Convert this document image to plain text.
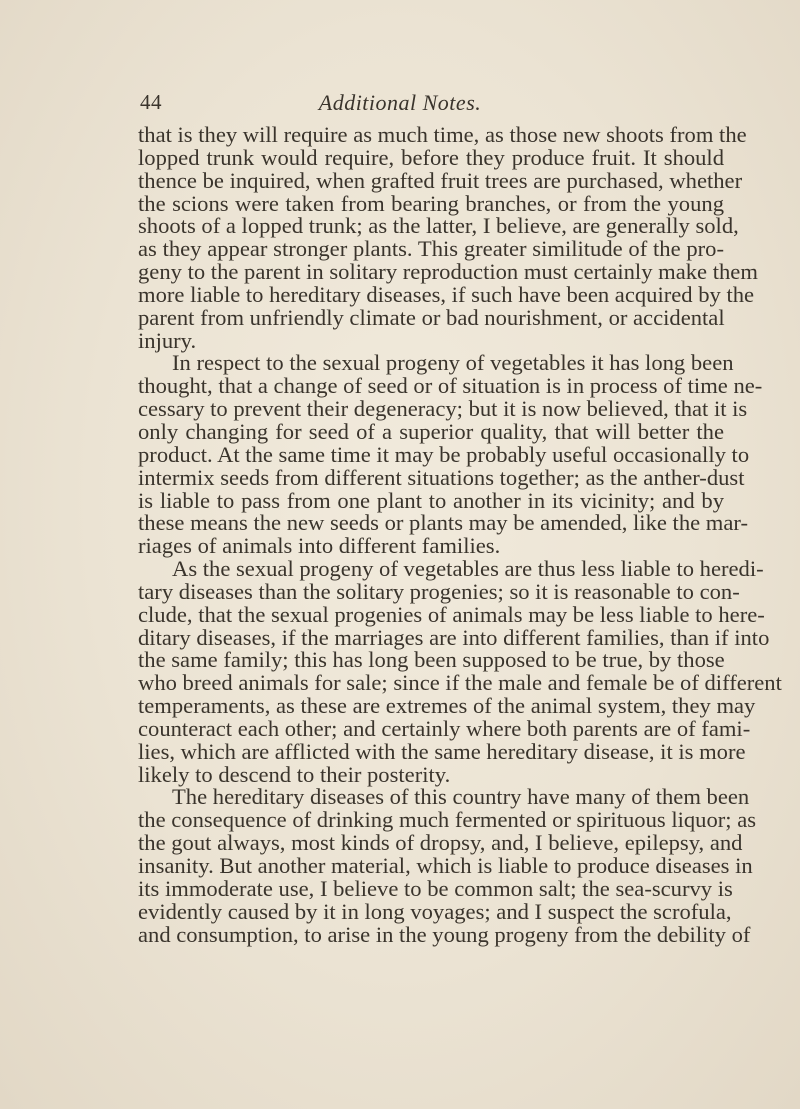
44	Additional Notes.
that is they will require as much time, as those new shoots from the
lopped trunk would require, before they produce fruit. It should
thence be inquired, when grafted fruit trees are purchased, whether
the scions were taken from bearing branches, or from the young
shoots of a lopped trunk; as the latter, I believe, are generally sold,
as they appear stronger plants. This greater similitude of the pro-
geny to the parent in solitary reproduction must certainly make them
more liable to hereditary diseases, if such have been acquired by the
parent from unfriendly climate or bad nourishment, or accidental
injury.
In respect to the sexual progeny of vegetables it has long been
thought, that a change of seed or of situation is in process of time ne-
cessary to prevent their degeneracy; but it is now believed, that it is
only changing for seed of a superior quality, that will better the
product. At the same time it may be probably useful occasionally to
intermix seeds from different situations together; as the anther-dust
is liable to pass from one plant to another in its vicinity; and by
these means the new seeds or plants may be amended, like the mar-
riages of animals into different families.
As the sexual progeny of vegetables are thus less liable to heredi-
tary diseases than the solitary progenies; so it is reasonable to con-
clude, that the sexual progenies of animals may be less liable to here-
ditary diseases, if the marriages are into different families, than if into
the same family; this has long been supposed to be true, by those
who breed animals for sale; since if the male and female be of different
temperaments, as these are extremes of the animal system, they may
counteract each other; and certainly where both parents are of fami-
lies, which are afflicted with the same hereditary disease, it is more
likely to descend to their posterity.
The hereditary diseases of this country have many of them been
the consequence of drinking much fermented or spirituous liquor; as
the gout always, most kinds of dropsy, and, I believe, epilepsy, and
insanity. But another material, which is liable to produce diseases in
its immoderate use, I believe to be common salt; the sea-scurvy is
evidently caused by it in long voyages; and I suspect the scrofula,
and consumption, to arise in the young progeny from the debility of
